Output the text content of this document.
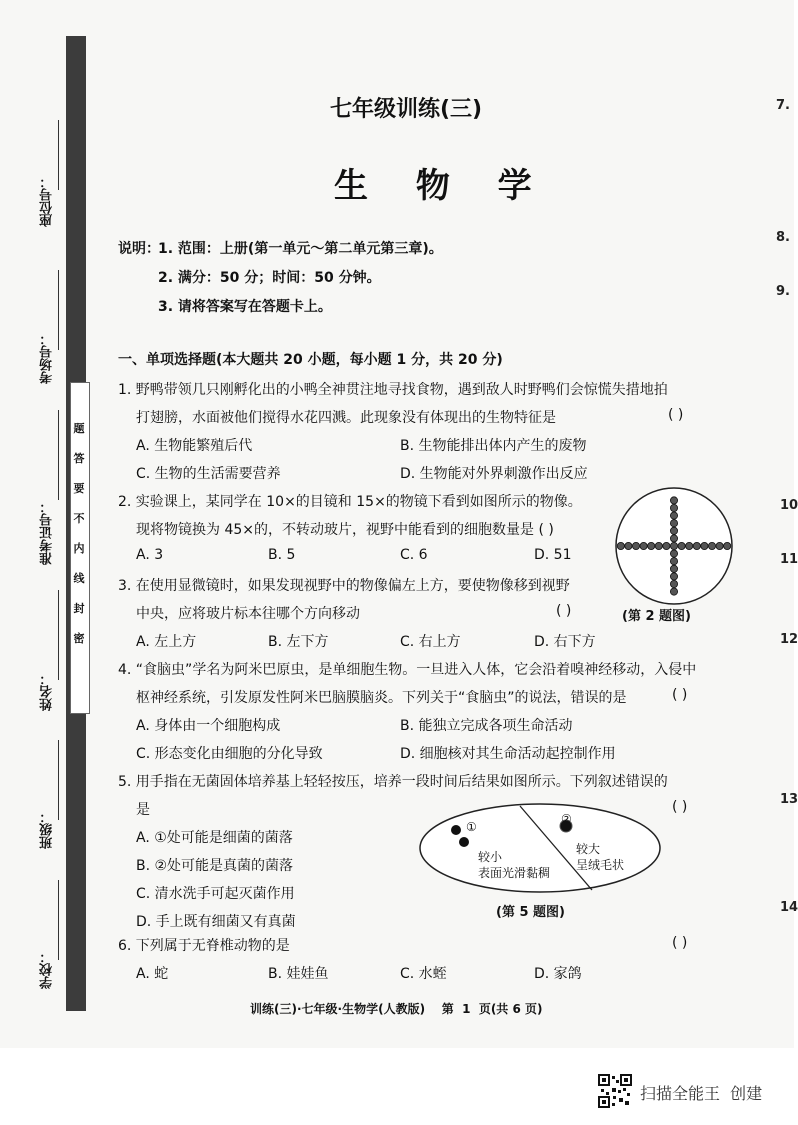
题
答
要
不
内
线
封
密
座位号：
考场号：
准考证号：
姓名：
班级：
学校：
七年级训练(三)
生 物 学
说明：
1. 范围：上册(第一单元～第二单元第三章)。
2. 满分：50 分；时间：50 分钟。
3. 请将答案写在答题卡上。
一、单项选择题(本大题共 20 小题，每小题 1 分，共 20 分)
1. 野鸭带领几只刚孵化出的小鸭全神贯注地寻找食物，遇到敌人时野鸭们会惊慌失措地拍
打翅膀，水面被他们搅得水花四溅。此现象没有体现出的生物特征是	( )
A. 生物能繁殖后代	B. 生物能排出体内产生的废物
C. 生物的生活需要营养	D. 生物能对外界刺激作出反应
2. 实验课上，某同学在 10×的目镜和 15×的物镜下看到如图所示的物像。
现将物镜换为 45×的，不转动玻片，视野中能看到的细胞数量是 ( )
A. 3	B. 5	C. 6	D. 51
(第 2 题图)
3. 在使用显微镜时，如果发现视野中的物像偏左上方，要使物像移到视野
中央，应将玻片标本往哪个方向移动	( )
A. 左上方	B. 左下方	C. 右上方	D. 右下方
4. “食脑虫”学名为阿米巴原虫，是单细胞生物。一旦进入人体，它会沿着嗅神经移动，入侵中
枢神经系统，引发原发性阿米巴脑膜脑炎。下列关于“食脑虫”的说法，错误的是	( )
A. 身体由一个细胞构成	B. 能独立完成各项生命活动
C. 形态变化由细胞的分化导致	D. 细胞核对其生命活动起控制作用
5. 用手指在无菌固体培养基上轻轻按压，培养一段时间后结果如图所示。下列叙述错误的
是	( )
A. ①处可能是细菌的菌落
B. ②处可能是真菌的菌落
C. 清水洗手可起灭菌作用
D. 手上既有细菌又有真菌
①
②
较小
表面光滑黏稠
较大
呈绒毛状
(第 5 题图)
6. 下列属于无脊椎动物的是	( )
A. 蛇	B. 娃娃鱼	C. 水蛭	D. 家鸽
训练(三)·七年级·生物学(人教版)    第  1  页(共 6 页)
7.
8.
9.
10
11
12
13
14
扫描全能王  创建
